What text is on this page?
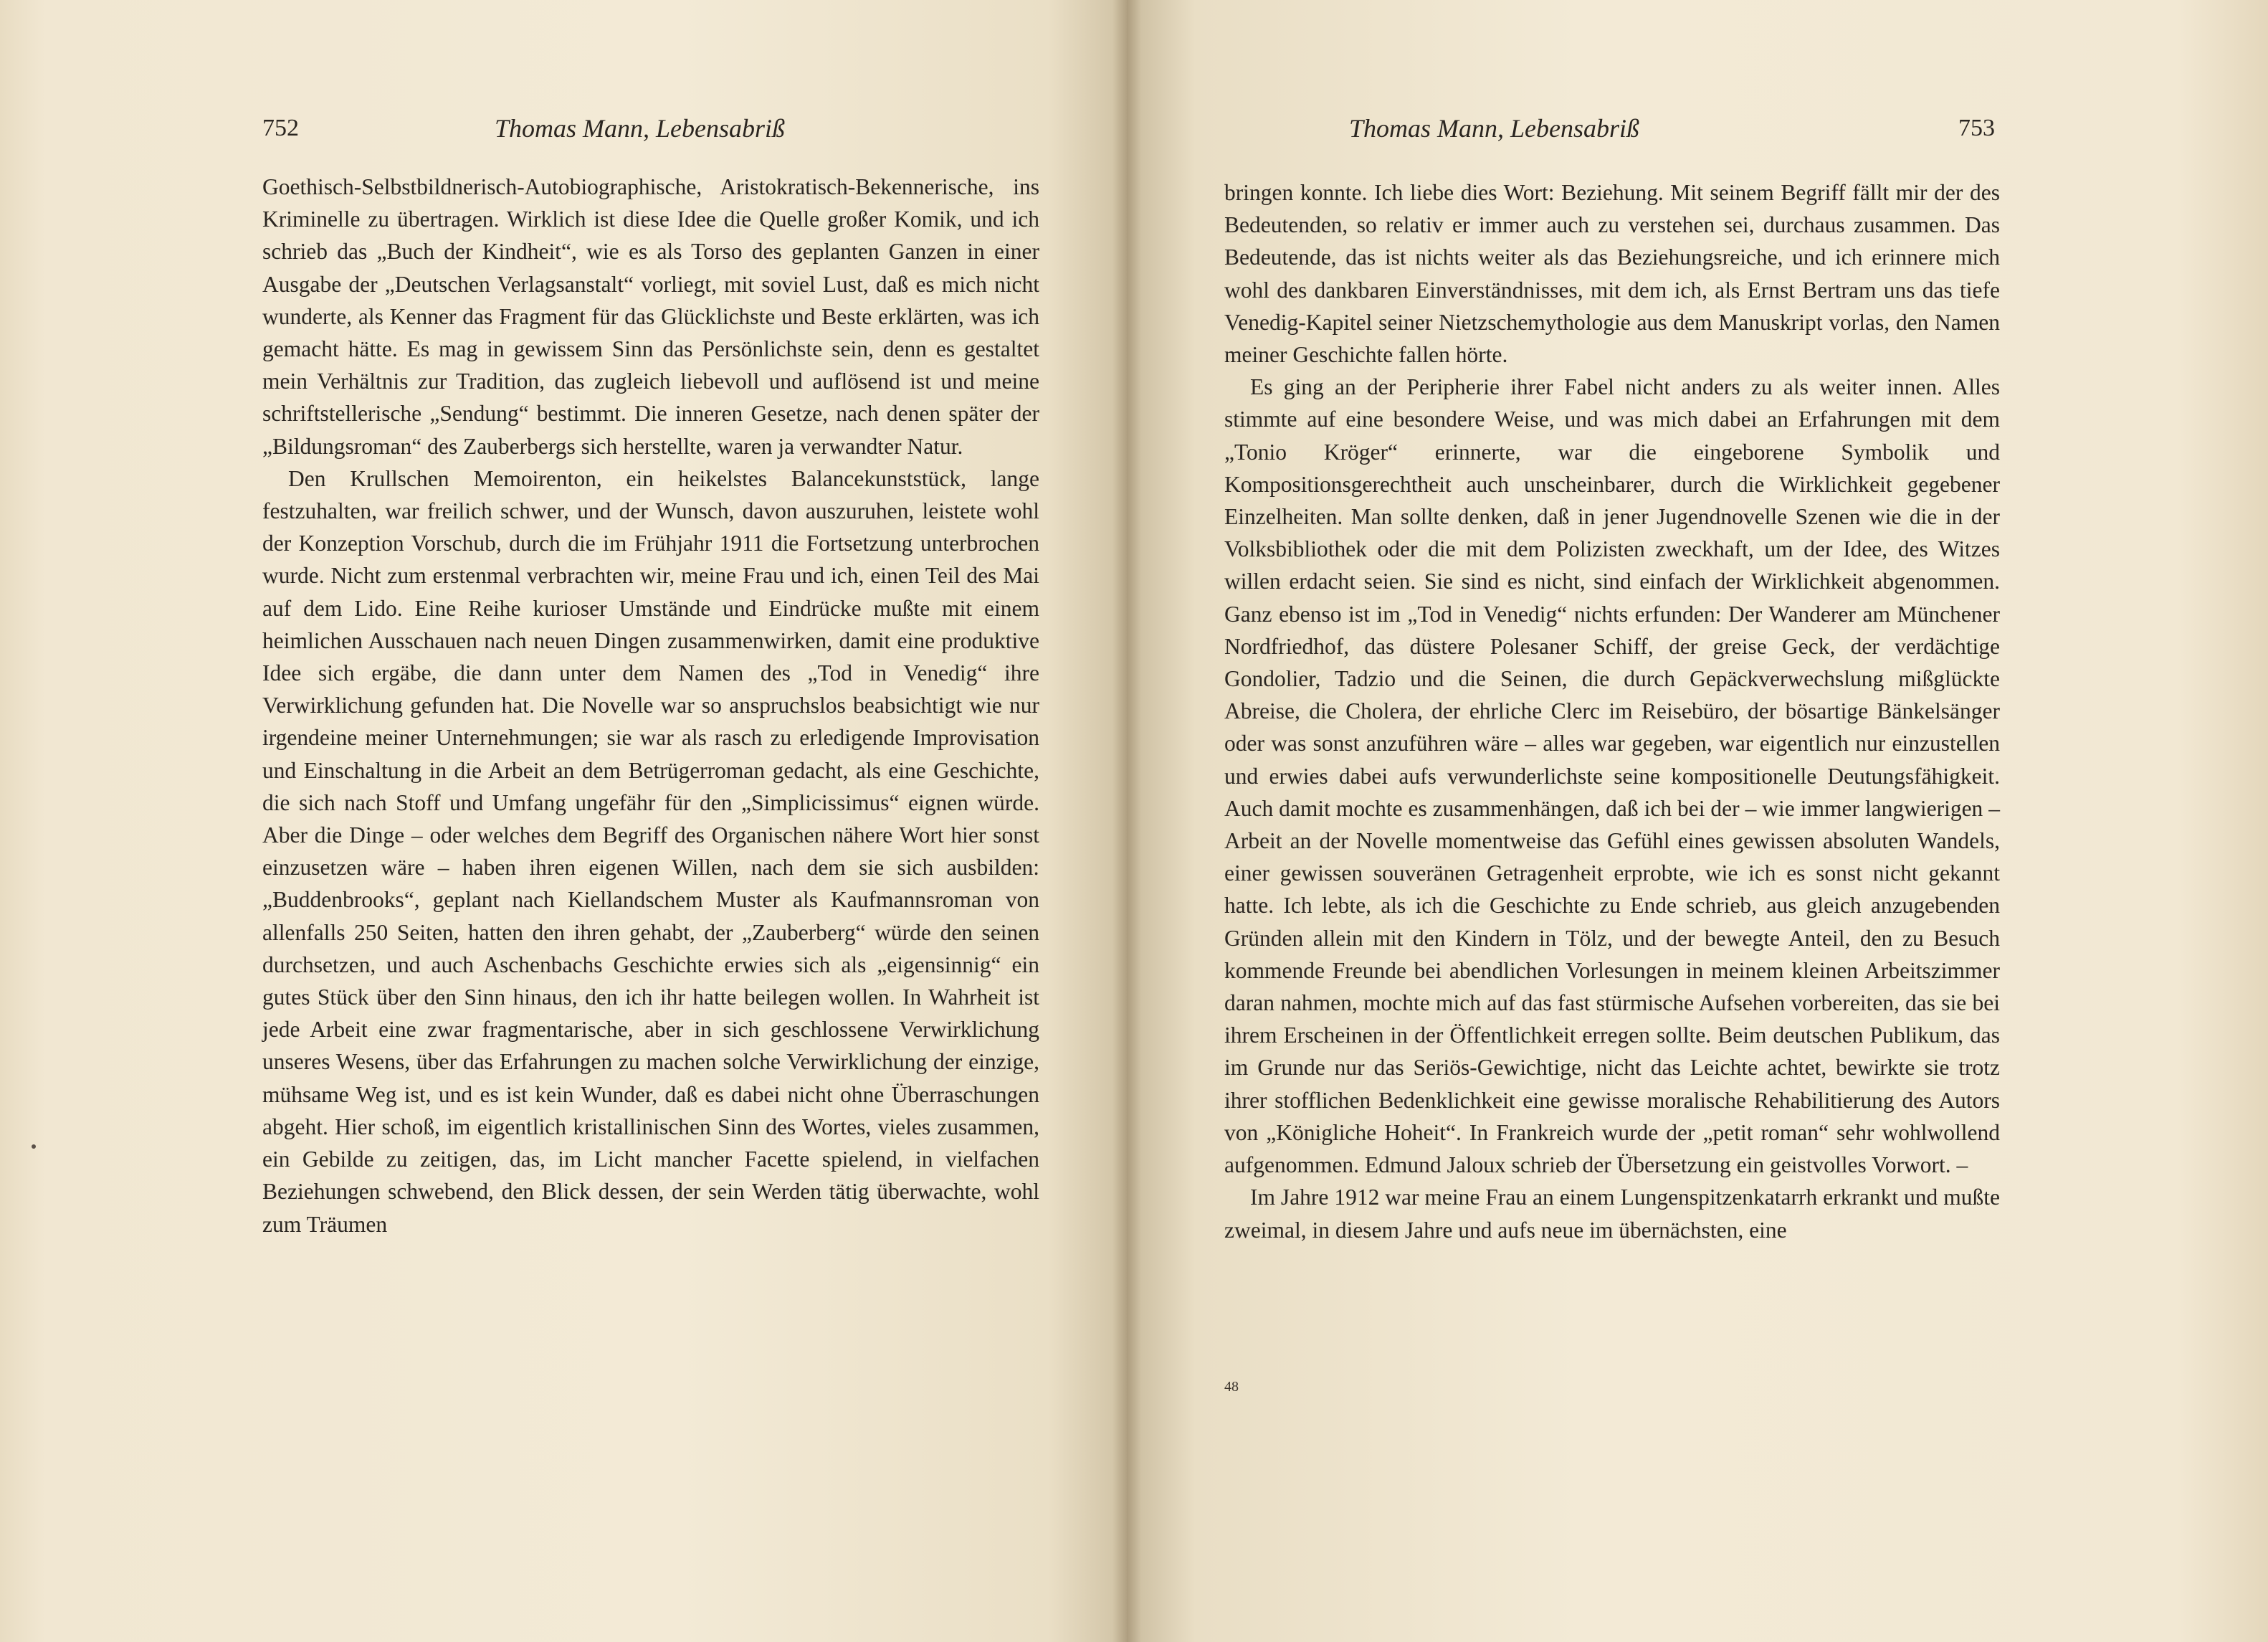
752	Thomas Mann, Lebensabriß

Goethisch-Selbstbildnerisch-Autobiographische, Aristokratisch-Bekennerische, ins Kriminelle zu übertragen. Wirklich ist diese Idee die Quelle großer Komik, und ich schrieb das „Buch der Kindheit“, wie es als Torso des geplanten Ganzen in einer Ausgabe der „Deutschen Verlagsanstalt“ vorliegt, mit soviel Lust, daß es mich nicht wunderte, als Kenner das Fragment für das Glücklichste und Beste erklärten, was ich gemacht hätte. Es mag in gewissem Sinn das Persönlichste sein, denn es gestaltet mein Verhältnis zur Tradition, das zugleich liebevoll und auflösend ist und meine schriftstellerische „Sendung“ bestimmt. Die inneren Gesetze, nach denen später der „Bildungsroman“ des Zauberbergs sich herstellte, waren ja verwandter Natur.

Den Krullschen Memoirenton, ein heikelstes Balancekunststück, lange festzuhalten, war freilich schwer, und der Wunsch, davon auszuruhen, leistete wohl der Konzeption Vorschub, durch die im Frühjahr 1911 die Fortsetzung unterbrochen wurde. Nicht zum erstenmal verbrachten wir, meine Frau und ich, einen Teil des Mai auf dem Lido. Eine Reihe kurioser Umstände und Eindrücke mußte mit einem heimlichen Ausschauen nach neuen Dingen zusammenwirken, damit eine produktive Idee sich ergäbe, die dann unter dem Namen des „Tod in Venedig“ ihre Verwirklichung gefunden hat. Die Novelle war so anspruchslos beabsichtigt wie nur irgendeine meiner Unternehmungen; sie war als rasch zu erledigende Improvisation und Einschaltung in die Arbeit an dem Betrügerroman gedacht, als eine Geschichte, die sich nach Stoff und Umfang ungefähr für den „Simplicissimus“ eignen würde. Aber die Dinge – oder welches dem Begriff des Organischen nähere Wort hier sonst einzusetzen wäre – haben ihren eigenen Willen, nach dem sie sich ausbilden: „Buddenbrooks“, geplant nach Kiellandschem Muster als Kaufmannsroman von allenfalls 250 Seiten, hatten den ihren gehabt, der „Zauberberg“ würde den seinen durchsetzen, und auch Aschenbachs Geschichte erwies sich als „eigensinnig“ ein gutes Stück über den Sinn hinaus, den ich ihr hatte beilegen wollen. In Wahrheit ist jede Arbeit eine zwar fragmentarische, aber in sich geschlossene Verwirklichung unseres Wesens, über das Erfahrungen zu machen solche Verwirklichung der einzige, mühsame Weg ist, und es ist kein Wunder, daß es dabei nicht ohne Überraschungen abgeht. Hier schoß, im eigentlich kristallinischen Sinn des Wortes, vieles zusammen, ein Gebilde zu zeitigen, das, im Licht mancher Facette spielend, in vielfachen Beziehungen schwebend, den Blick dessen, der sein Werden tätig überwachte, wohl zum Träumen

Thomas Mann, Lebensabriß	753

bringen konnte. Ich liebe dies Wort: Beziehung. Mit seinem Begriff fällt mir der des Bedeutenden, so relativ er immer auch zu verstehen sei, durchaus zusammen. Das Bedeutende, das ist nichts weiter als das Beziehungsreiche, und ich erinnere mich wohl des dankbaren Einverständnisses, mit dem ich, als Ernst Bertram uns das tiefe Venedig-Kapitel seiner Nietzschemythologie aus dem Manuskript vorlas, den Namen meiner Geschichte fallen hörte.

Es ging an der Peripherie ihrer Fabel nicht anders zu als weiter innen. Alles stimmte auf eine besondere Weise, und was mich dabei an Erfahrungen mit dem „Tonio Kröger“ erinnerte, war die eingeborene Symbolik und Kompositionsgerechtheit auch unscheinbarer, durch die Wirklichkeit gegebener Einzelheiten. Man sollte denken, daß in jener Jugendnovelle Szenen wie die in der Volksbibliothek oder die mit dem Polizisten zweckhaft, um der Idee, des Witzes willen erdacht seien. Sie sind es nicht, sind einfach der Wirklichkeit abgenommen. Ganz ebenso ist im „Tod in Venedig“ nichts erfunden: Der Wanderer am Münchener Nordfriedhof, das düstere Polesaner Schiff, der greise Geck, der verdächtige Gondolier, Tadzio und die Seinen, die durch Gepäckverwechslung mißglückte Abreise, die Cholera, der ehrliche Clerc im Reisebüro, der bösartige Bänkelsänger oder was sonst anzuführen wäre – alles war gegeben, war eigentlich nur einzustellen und erwies dabei aufs verwunderlichste seine kompositionelle Deutungsfähigkeit. Auch damit mochte es zusammenhängen, daß ich bei der – wie immer langwierigen – Arbeit an der Novelle momentweise das Gefühl eines gewissen absoluten Wandels, einer gewissen souveränen Getragenheit erprobte, wie ich es sonst nicht gekannt hatte. Ich lebte, als ich die Geschichte zu Ende schrieb, aus gleich anzugebenden Gründen allein mit den Kindern in Tölz, und der bewegte Anteil, den zu Besuch kommende Freunde bei abendlichen Vorlesungen in meinem kleinen Arbeitszimmer daran nahmen, mochte mich auf das fast stürmische Aufsehen vorbereiten, das sie bei ihrem Erscheinen in der Öffentlichkeit erregen sollte. Beim deutschen Publikum, das im Grunde nur das Seriös-Gewichtige, nicht das Leichte achtet, bewirkte sie trotz ihrer stofflichen Bedenklichkeit eine gewisse moralische Rehabilitierung des Autors von „Königliche Hoheit“. In Frankreich wurde der „petit roman“ sehr wohlwollend aufgenommen. Edmund Jaloux schrieb der Übersetzung ein geistvolles Vorwort. –

Im Jahre 1912 war meine Frau an einem Lungenspitzenkatarrh erkrankt und mußte zweimal, in diesem Jahre und aufs neue im übernächsten, eine

48
